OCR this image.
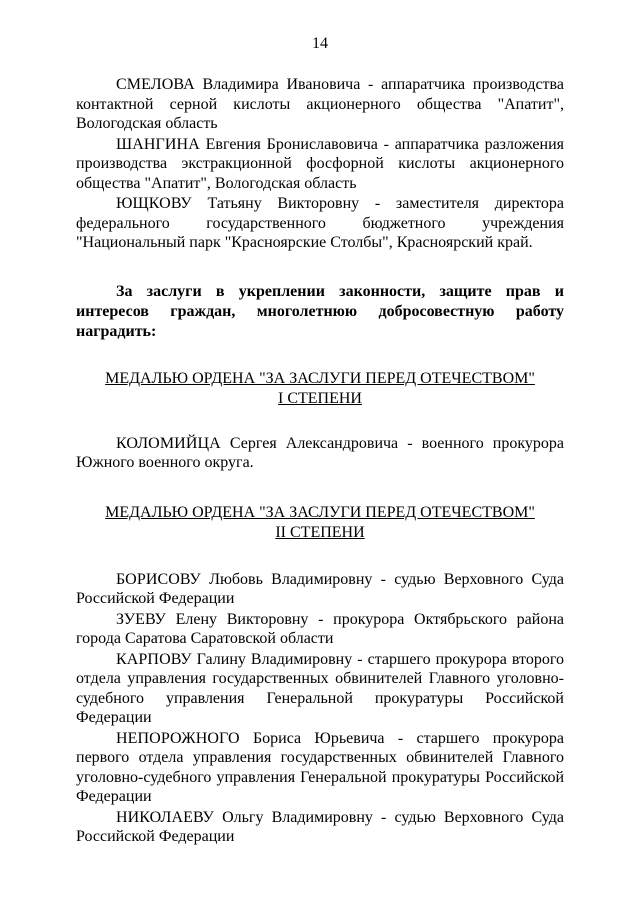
14

СМЕЛОВА Владимира Ивановича - аппаратчика производства контактной серной кислоты акционерного общества "Апатит", Вологодская область

ШАНГИНА Евгения Брониславовича - аппаратчика разложения производства экстракционной фосфорной кислоты акционерного общества "Апатит", Вологодская область

ЮЩКОВУ Татьяну Викторовну - заместителя директора федерального государственного бюджетного учреждения "Национальный парк "Красноярские Столбы", Красноярский край.

За заслуги в укреплении законности, защите прав и интересов граждан, многолетнюю добросовестную работу наградить:

МЕДАЛЬЮ ОРДЕНА "ЗА ЗАСЛУГИ ПЕРЕД ОТЕЧЕСТВОМ"

I СТЕПЕНИ

КОЛОМИЙЦА Сергея Александровича - военного прокурора Южного военного округа.

МЕДАЛЬЮ ОРДЕНА "ЗА ЗАСЛУГИ ПЕРЕД ОТЕЧЕСТВОМ"

II СТЕПЕНИ

БОРИСОВУ Любовь Владимировну - судью Верховного Суда Российской Федерации

ЗУЕВУ Елену Викторовну - прокурора Октябрьского района города Саратова Саратовской области

КАРПОВУ Галину Владимировну - старшего прокурора второго отдела управления государственных обвинителей Главного уголовно-судебного управления Генеральной прокуратуры Российской Федерации

НЕПОРОЖНОГО Бориса Юрьевича - старшего прокурора первого отдела управления государственных обвинителей Главного уголовно-судебного управления Генеральной прокуратуры Российской Федерации

НИКОЛАЕВУ Ольгу Владимировну - судью Верховного Суда Российской Федерации
